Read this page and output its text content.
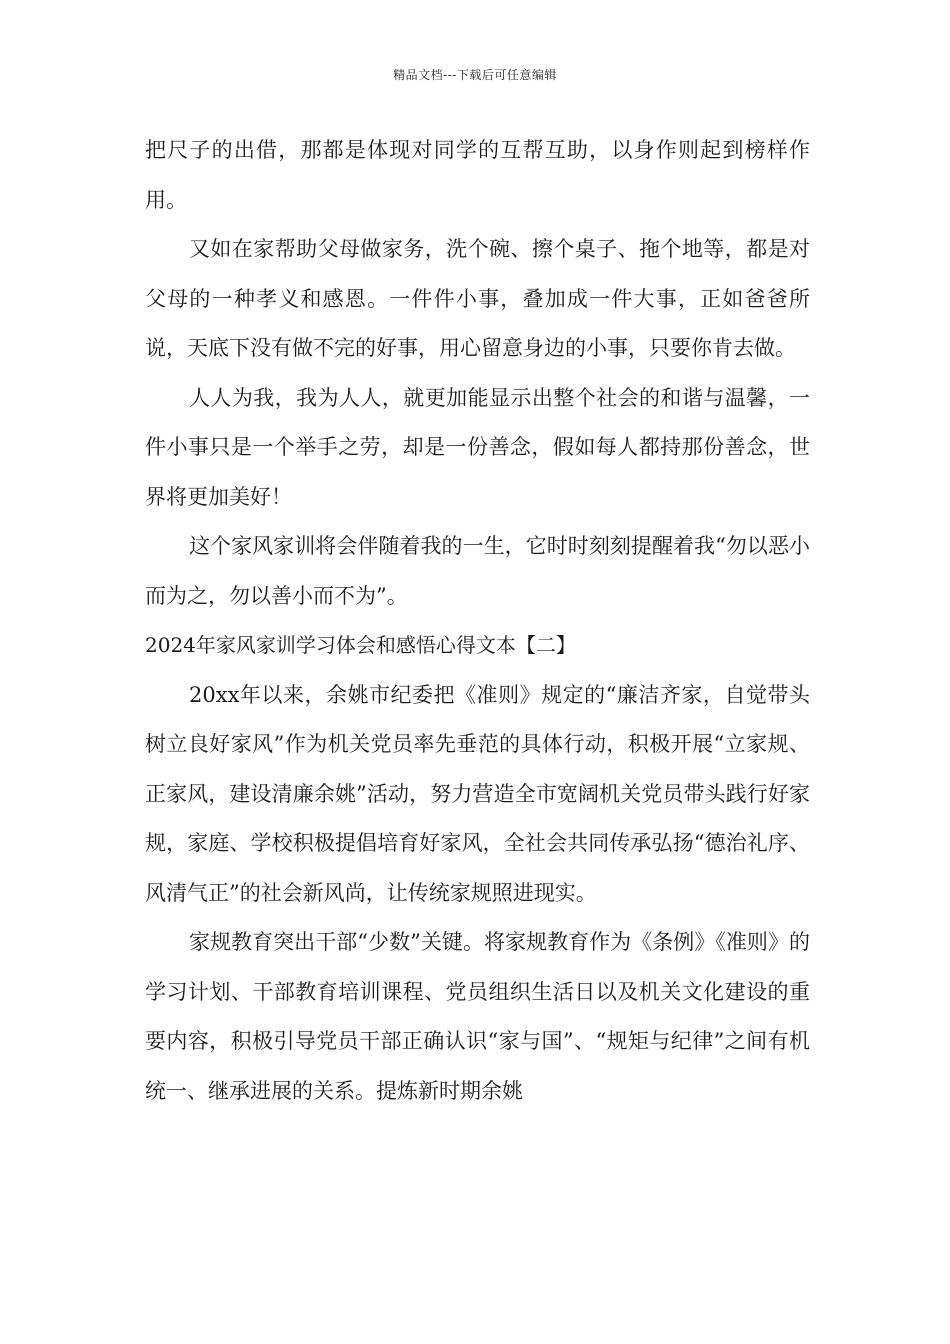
精品文档---下载后可任意编辑

把尺子的出借，那都是体现对同学的互帮互助，以身作则起到榜样作用。

又如在家帮助父母做家务，洗个碗、擦个桌子、拖个地等，都是对父母的一种孝义和感恩。一件件小事，叠加成一件大事，正如爸爸所说，天底下没有做不完的好事，用心留意身边的小事，只要你肯去做。

人人为我，我为人人，就更加能显示出整个社会的和谐与温馨，一件小事只是一个举手之劳，却是一份善念，假如每人都持那份善念，世界将更加美好！

这个家风家训将会伴随着我的一生，它时时刻刻提醒着我“勿以恶小而为之，勿以善小而不为”。

2024年家风家训学习体会和感悟心得文本【二】

20xx年以来，余姚市纪委把《准则》规定的“廉洁齐家，自觉带头树立良好家风”作为机关党员率先垂范的具体行动，积极开展“立家规、正家风，建设清廉余姚”活动，努力营造全市宽阔机关党员带头践行好家规，家庭、学校积极提倡培育好家风，全社会共同传承弘扬“德治礼序、风清气正”的社会新风尚，让传统家规照进现实。

家规教育突出干部“少数”关键。将家规教育作为《条例》《准则》的学习计划、干部教育培训课程、党员组织生活日以及机关文化建设的重要内容，积极引导党员干部正确认识“家与国”、“规矩与纪律”之间有机统一、继承进展的关系。提炼新时期余姚
